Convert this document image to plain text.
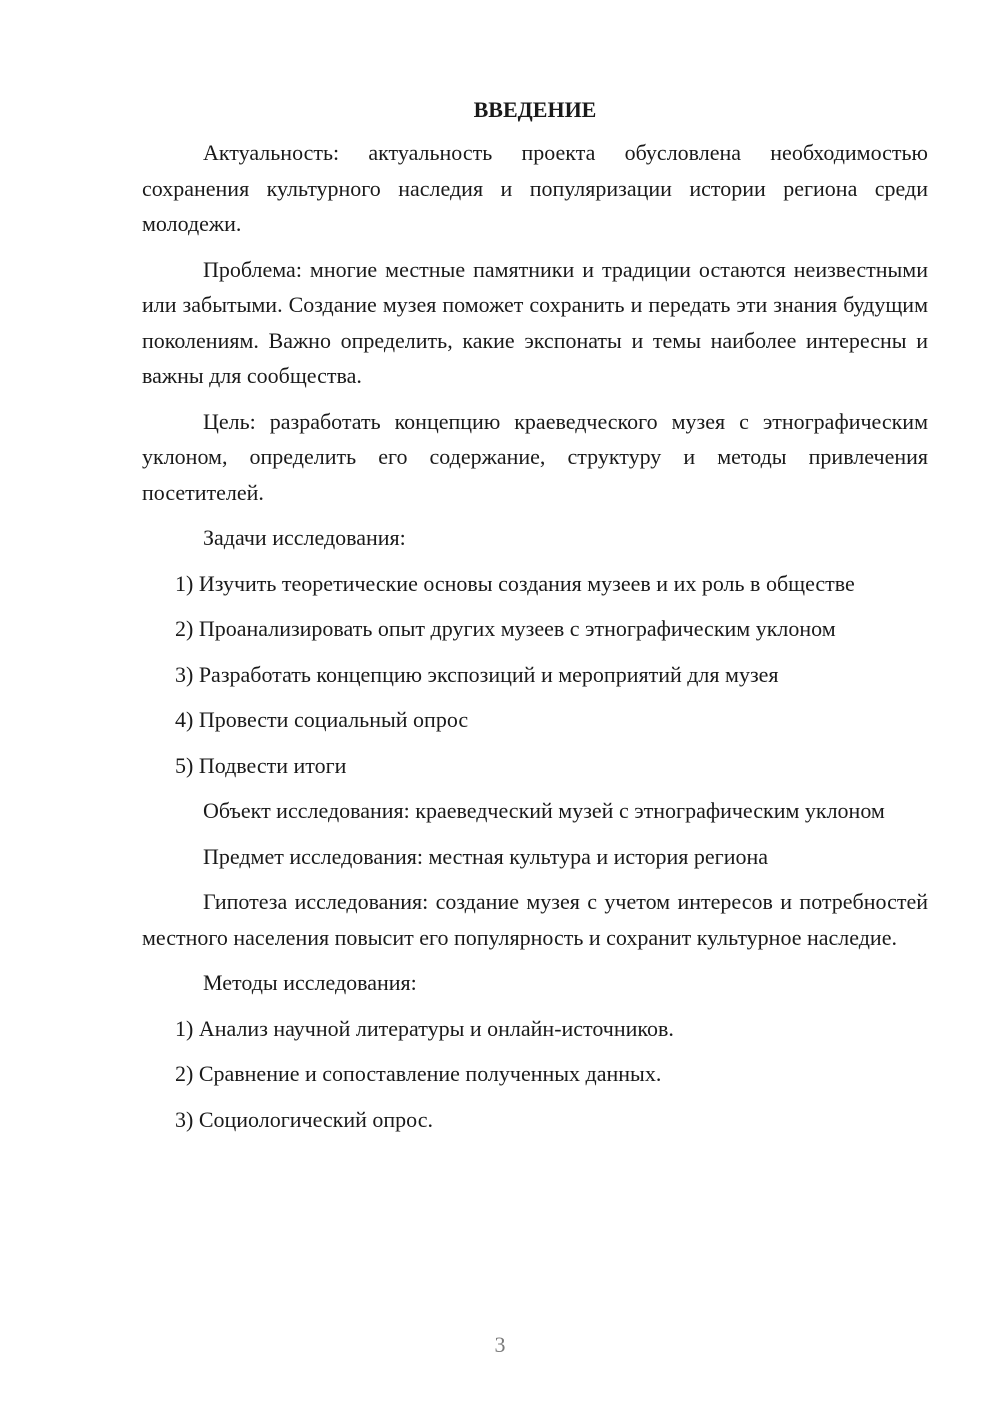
ВВЕДЕНИЕ

Актуальность: актуальность проекта обусловлена необходимостью сохранения культурного наследия и популяризации истории региона среди молодежи.

Проблема: многие местные памятники и традиции остаются неизвестными или забытыми. Создание музея поможет сохранить и передать эти знания будущим поколениям. Важно определить, какие экспонаты и темы наиболее интересны и важны для сообщества.

Цель: разработать концепцию краеведческого музея с этнографическим уклоном, определить его содержание, структуру и методы привлечения посетителей.

Задачи исследования:

1) Изучить теоретические основы создания музеев и их роль в обществе

2) Проанализировать опыт других музеев с этнографическим уклоном

3) Разработать концепцию экспозиций и мероприятий для музея

4) Провести социальный опрос

5) Подвести итоги

Объект исследования: краеведческий музей с этнографическим уклоном

Предмет исследования: местная культура и история региона

Гипотеза исследования: создание музея с учетом интересов и потребностей местного населения повысит его популярность и сохранит культурное наследие.

Методы исследования:

1) Анализ научной литературы и онлайн-источников.

2) Сравнение и сопоставление полученных данных.

3) Социологический опрос.

3
